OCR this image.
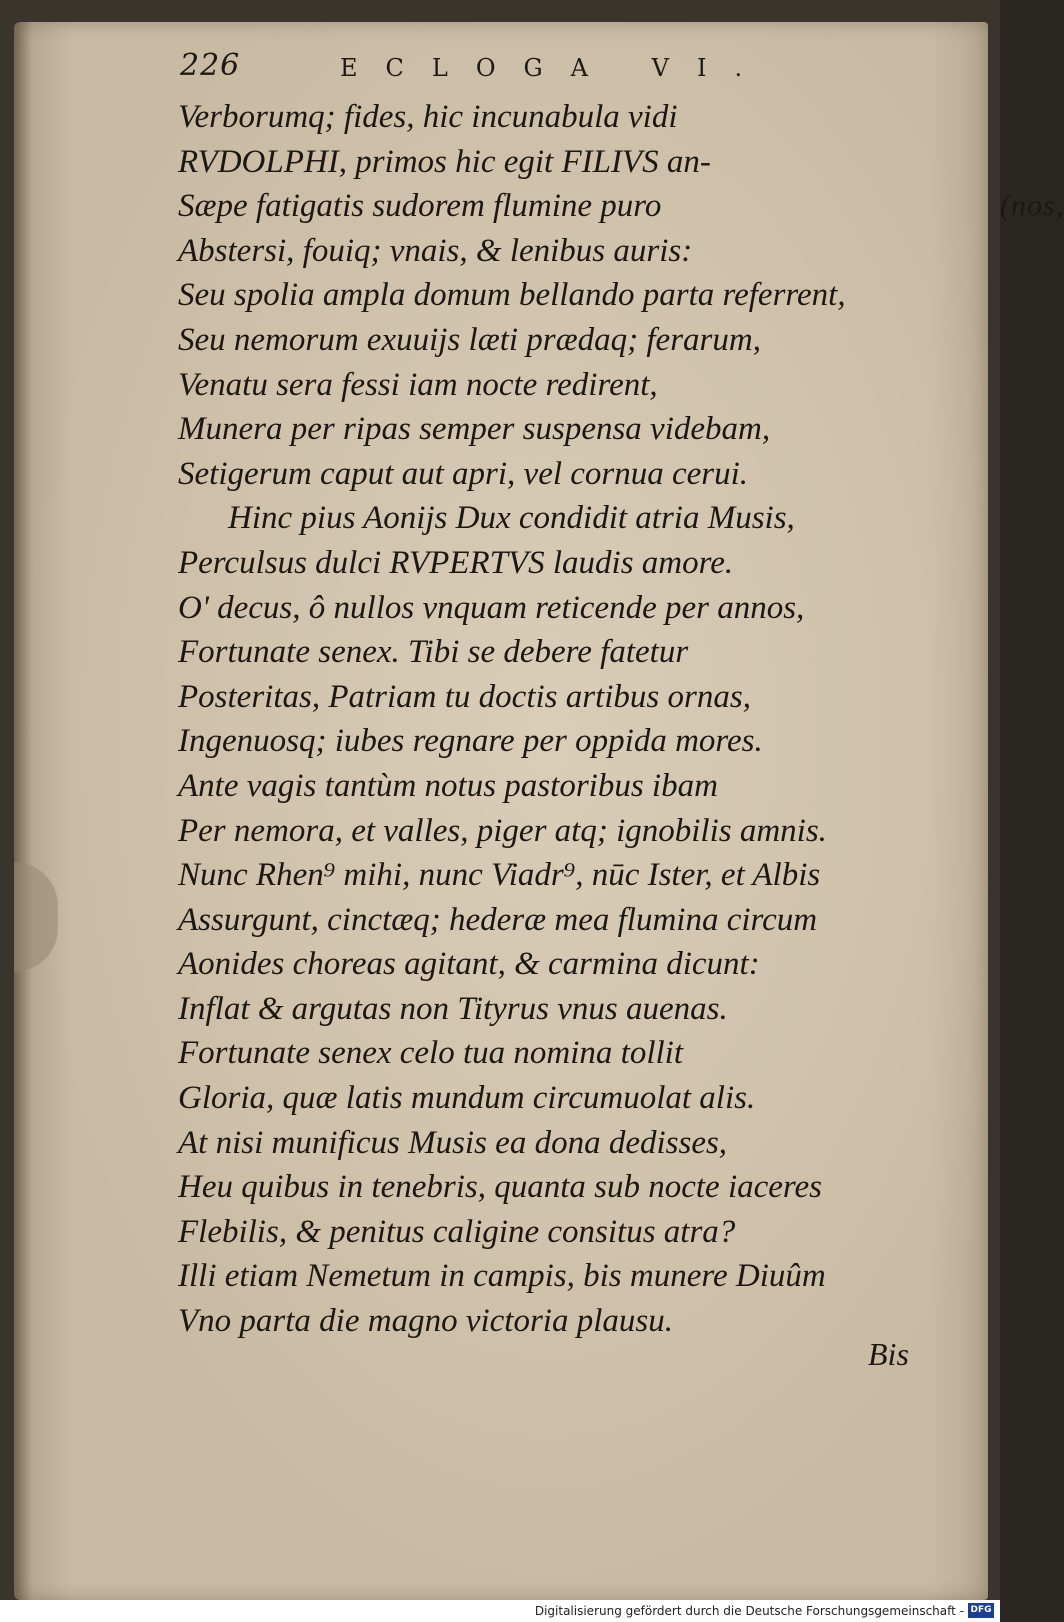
226	ECLOGA VI.
Verborumq; fides, hic incunabula vidi
RVDOLPHI, primos hic egit FILIVS an-
Sæpe fatigatis sudorem flumine puro	(nos,
Abstersi, fouiq; vnais, & lenibus auris:
Seu spolia ampla domum bellando parta referrent,
Seu nemorum exuuijs læti prædaq; ferarum,
Venatu sera fessi iam nocte redirent,
Munera per ripas semper suspensa videbam,
Setigerum caput aut apri, vel cornua cerui.
Hinc pius Aonijs Dux condidit atria Musis,
Perculsus dulci RVPERTVS laudis amore.
O' decus, ô nullos vnquam reticende per annos,
Fortunate senex. Tibi se debere fatetur
Posteritas, Patriam tu doctis artibus ornas,
Ingenuosq; iubes regnare per oppida mores.
Ante vagis tantùm notus pastoribus ibam
Per nemora, et valles, piger atq; ignobilis amnis.
Nunc Rhen⁹ mihi, nunc Viadr⁹, nūc Ister, et Albis
Assurgunt, cinctæq; hederæ mea flumina circum
Aonides choreas agitant, & carmina dicunt:
Inflat & argutas non Tityrus vnus auenas.
Fortunate senex celo tua nomina tollit
Gloria, quæ latis mundum circumuolat alis.
At nisi munificus Musis ea dona dedisses,
Heu quibus in tenebris, quanta sub nocte iaceres
Flebilis, & penitus caligine consitus atra?
Illi etiam Nemetum in campis, bis munere Diuûm
Vno parta die magno victoria plausu.
Bis
Digitalisierung gefördert durch die Deutsche Forschungsgemeinschaft - DFG
